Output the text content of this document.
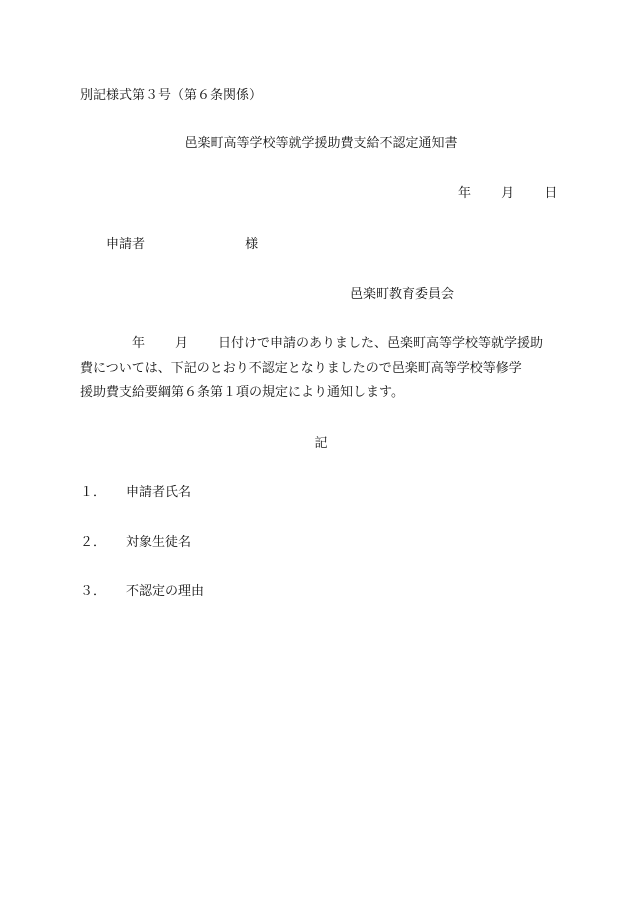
別記様式第３号（第６条関係）
邑楽町高等学校等就学援助費支給不認定通知書
年 月 日
申請者	様
邑楽町教育委員会
年 月 日付けで申請のありました、邑楽町高等学校等就学援助
費については、下記のとおり不認定となりましたので邑楽町高等学校等修学
援助費支給要綱第６条第１項の規定により通知します。
記
１． 申請者氏名
２． 対象生徒名
３． 不認定の理由
